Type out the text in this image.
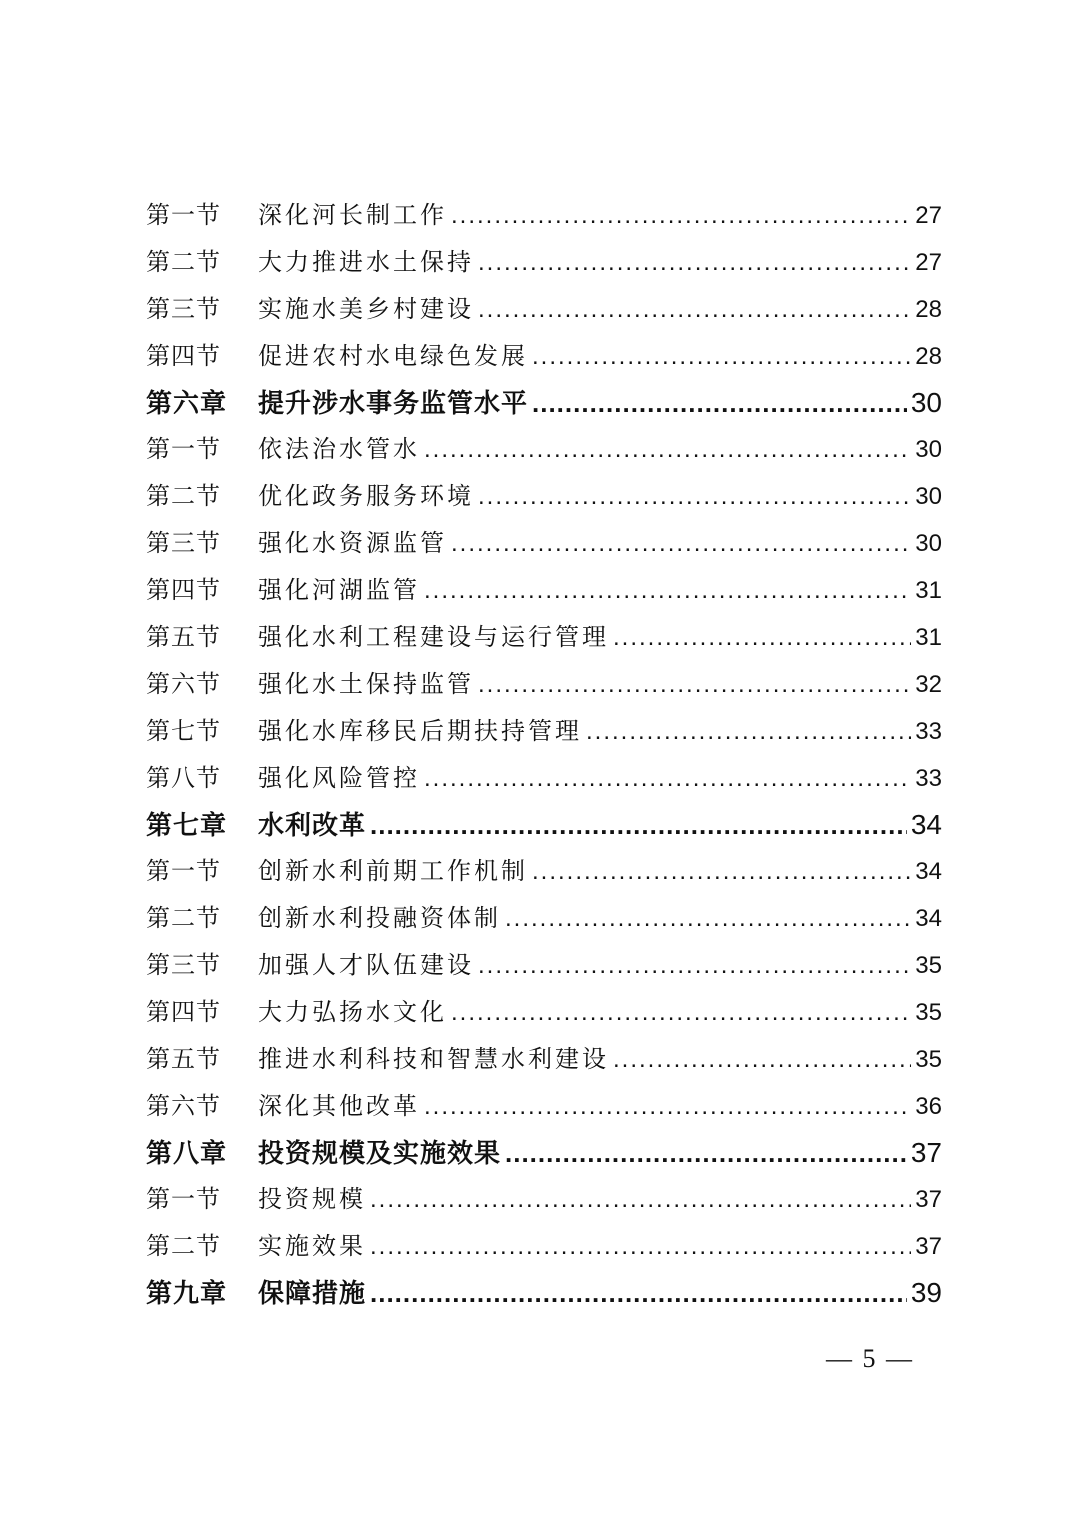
第一节	深化河长制工作 .....	27
第二节	大力推进水土保持 .....	27
第三节	实施水美乡村建设 .....	28
第四节	促进农村水电绿色发展 .....	28
第六章	提升涉水事务监管水平 .....	30
第一节	依法治水管水 .....	30
第二节	优化政务服务环境 .....	30
第三节	强化水资源监管 .....	30
第四节	强化河湖监管 .....	31
第五节	强化水利工程建设与运行管理 .....	31
第六节	强化水土保持监管 .....	32
第七节	强化水库移民后期扶持管理 .....	33
第八节	强化风险管控 .....	33
第七章	水利改革 .....	34
第一节	创新水利前期工作机制 .....	34
第二节	创新水利投融资体制 .....	34
第三节	加强人才队伍建设 .....	35
第四节	大力弘扬水文化 .....	35
第五节	推进水利科技和智慧水利建设 .....	35
第六节	深化其他改革 .....	36
第八章	投资规模及实施效果 .....	37
第一节	投资规模 .....	37
第二节	实施效果 .....	37
第九章	保障措施 .....	39
— 5 —
